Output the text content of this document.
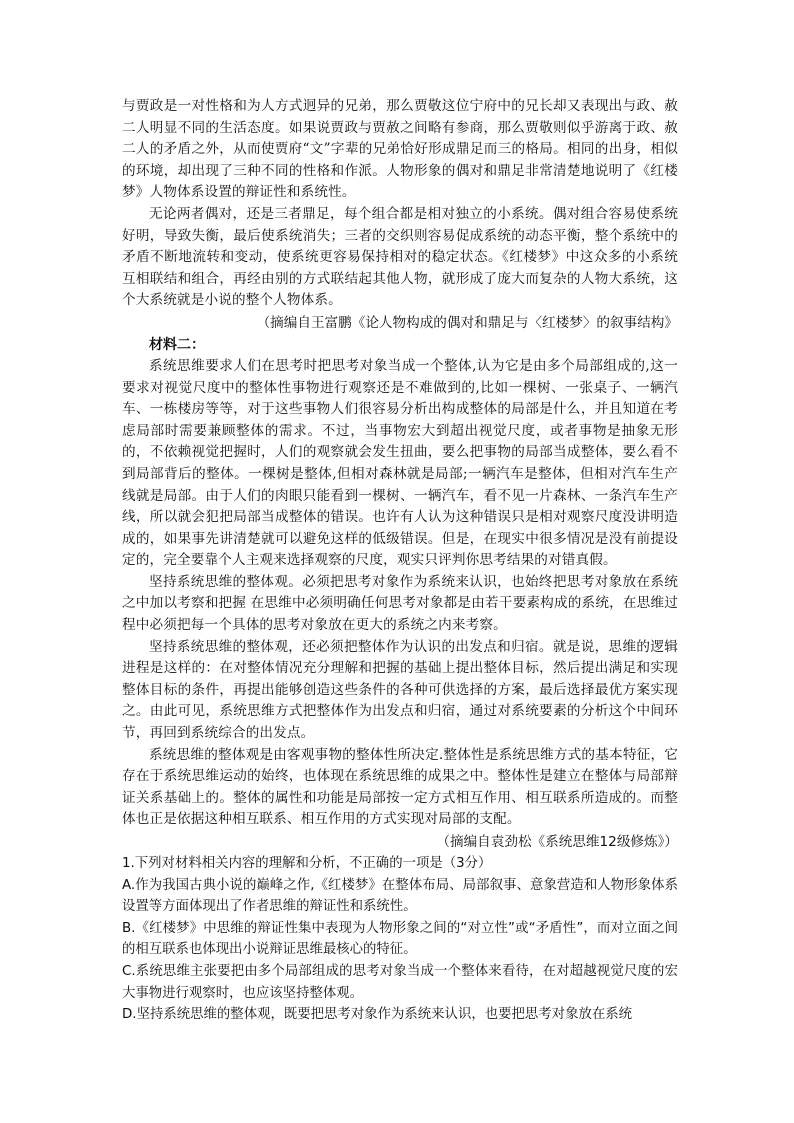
与贾政是一对性格和为人方式迥异的兄弟，那么贾敬这位宁府中的兄长却又表现出与政、赦二人明显不同的生活态度。如果说贾政与贾赦之间略有参商，那么贾敬则似乎游离于政、赦二人的矛盾之外，从而使贾府“文”字辈的兄弟恰好形成鼎足而三的格局。相同的出身，相似的环境，却出现了三种不同的性格和作派。人物形象的偶对和鼎足非常清楚地说明了《红楼梦》人物体系设置的辩证性和系统性。

无论两者偶对，还是三者鼎足，每个组合都是相对独立的小系统。偶对组合容易使系统好明，导致失衡，最后使系统消失；三者的交织则容易促成系统的动态平衡，整个系统中的矛盾不断地流转和变动，使系统更容易保持相对的稳定状态。《红楼梦》中这众多的小系统互相联结和组合，再经由别的方式联结起其他人物，就形成了庞大而复杂的人物大系统，这个大系统就是小说的整个人物体系。

（摘编自王富鹏《论人物构成的偶对和鼎足与〈红楼梦〉的叙事结构》

材料二：

系统思维要求人们在思考时把思考对象当成一个整体,认为它是由多个局部组成的,这一要求对视觉尺度中的整体性事物进行观察还是不难做到的,比如一棵树、一张桌子、一辆汽车、一栋楼房等等，对于这些事物人们很容易分析出构成整体的局部是什么，并且知道在考虑局部时需要兼顾整体的需求。不过，当事物宏大到超出视觉尺度，或者事物是抽象无形的，不依赖视觉把握时，人们的观察就会发生扭曲，要么把事物的局部当成整体，要么看不到局部背后的整体。一棵树是整体,但相对森林就是局部;一辆汽车是整体，但相对汽车生产线就是局部。由于人们的肉眼只能看到一棵树、一辆汽车，看不见一片森林、一条汽车生产线，所以就会犯把局部当成整体的错误。也许有人认为这种错误只是相对观察尺度没讲明造成的，如果事先讲清楚就可以避免这样的低级错误。但是，在现实中很多情况是没有前提设定的，完全要靠个人主观来选择观察的尺度，观实只评判你思考结果的对错真假。

坚持系统思维的整体观。必须把思考对象作为系统来认识，也始终把思考对象放在系统之中加以考察和把握 在思维中必须明确任何思考对象都是由若干要素构成的系统，在思维过程中必须把每一个具体的思考对象放在更大的系统之内来考察。

坚持系统思维的整体观，还必须把整体作为认识的出发点和归宿。就是说，思维的逻辑进程是这样的：在对整体情况充分理解和把握的基础上提出整体目标，然后提出满足和实现整体目标的条件，再提出能够创造这些条件的各种可供选择的方案，最后选择最优方案实现之。由此可见，系统思维方式把整体作为出发点和归宿，通过对系统要素的分析这个中间环节，再回到系统综合的出发点。

系统思维的整体观是由客观事物的整体性所决定.整体性是系统思维方式的基本特征，它存在于系统思维运动的始终，也体现在系统思维的成果之中。整体性是建立在整体与局部辩证关系基础上的。整体的属性和功能是局部按一定方式相互作用、相互联系所造成的。而整体也正是依据这种相互联系、相互作用的方式实现对局部的支配。

（摘编自袁劲松《系统思维12级修炼》）

1.下列对材料相关内容的理解和分析，不正确的一项是（3分）

A.作为我国古典小说的巅峰之作,《红楼梦》在整体布局、局部叙事、意象营造和人物形象体系设置等方面体现出了作者思维的辩证性和系统性。

B.《红楼梦》中思维的辩证性集中表现为人物形象之间的“对立性”或“矛盾性”，而对立面之间的相互联系也体现出小说辩证思维最核心的特征。

C.系统思维主张要把由多个局部组成的思考对象当成一个整体来看待，在对超越视觉尺度的宏大事物进行观察时，也应该坚持整体观。

D.坚持系统思维的整体观，既要把思考对象作为系统来认识，也要把思考对象放在系统
